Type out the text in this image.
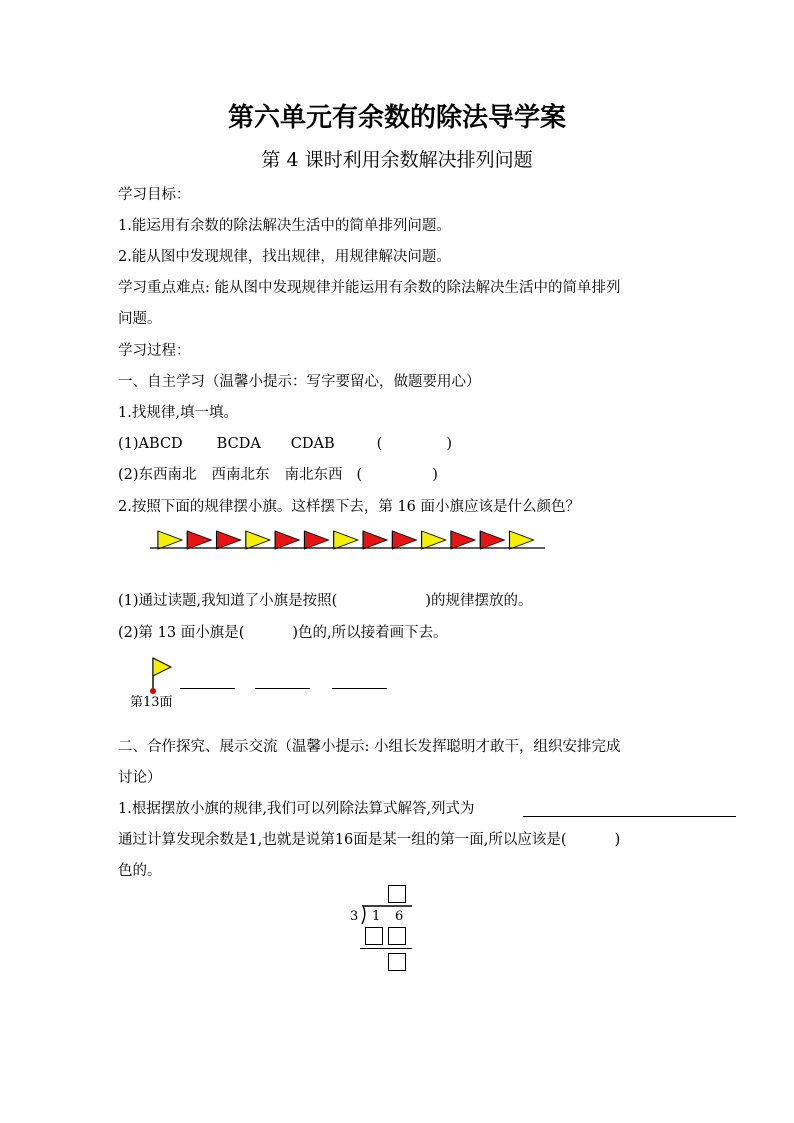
第六单元有余数的除法导学案
第 4 课时利用余数解决排列问题
学习目标：
1.能运用有余数的除法解决生活中的简单排列问题。
2.能从图中发现规律，找出规律，用规律解决问题。
学习重点难点: 能从图中发现规律并能运用有余数的除法解决生活中的简单排列
问题。
学习过程：
一、自主学习（温馨小提示：写字要留心，做题要用心）
1.找规律,填一填。
(1)ABCD BCDA CDAB	(	)
(2)东西南北 西南北东 南北东西 (	)
2.按照下面的规律摆小旗。这样摆下去，第 16 面小旗应该是什么颜色？
(1)通过读题,我知道了小旗是按照(	)的规律摆放的。
(2)第 13 面小旗是(	)色的,所以接着画下去。
第13面
二、合作探究、展示交流（温馨小提示: 小组长发挥聪明才敢干，组织安排完成
讨论）
1.根据摆放小旗的规律,我们可以列除法算式解答,列式为
通过计算发现余数是1,也就是说第16面是某一组的第一面,所以应该是(	)
色的。
3 1 6
